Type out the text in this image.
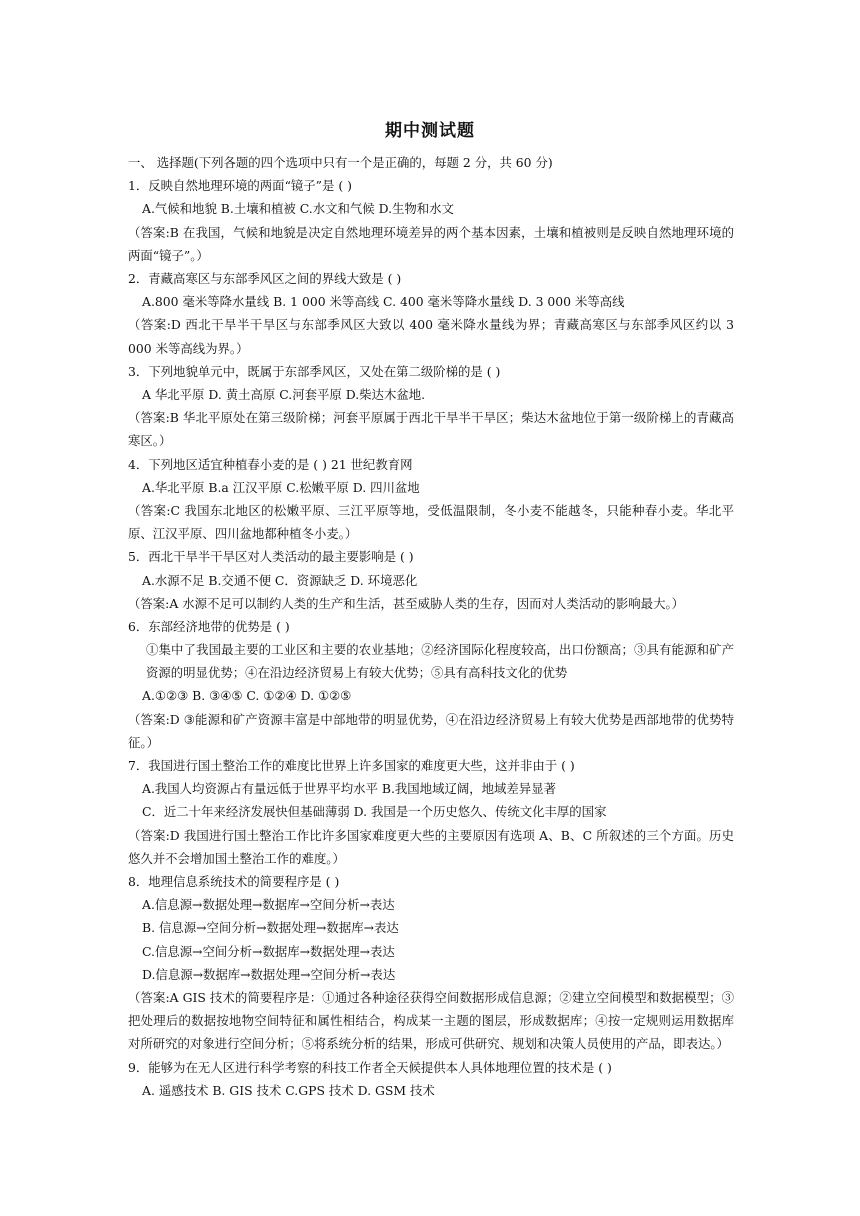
期中测试题
一、 选择题(下列各题的四个选项中只有一个是正确的，每题 2 分，共 60 分)
1．反映自然地理环境的两面“镜子”是 ( )
A.气候和地貌 B.土壤和植被 C.水文和气候 D.生物和水文
（答案:B 在我国，气候和地貌是决定自然地理环境差异的两个基本因素，土壤和植被则是反映自然地理环境的两面“镜子”。）
2．青藏高寒区与东部季风区之间的界线大致是 ( )
A.800 毫米等降水量线 B. 1 000 米等高线 C. 400 毫米等降水量线 D. 3 000 米等高线
（答案:D 西北干旱半干旱区与东部季风区大致以 400 毫米降水量线为界；青藏高寒区与东部季风区约以 3 000 米等高线为界。）
3．下列地貌单元中，既属于东部季风区，又处在第二级阶梯的是 ( )
A 华北平原 D. 黄土高原 C.河套平原 D.柴达木盆地.
（答案:B 华北平原处在第三级阶梯；河套平原属于西北干旱半干旱区；柴达木盆地位于第一级阶梯上的青藏高寒区。）
4．下列地区适宜种植春小麦的是 ( ) 21 世纪教育网
A.华北平原 B.a 江汉平原 C.松嫩平原 D. 四川盆地
（答案:C 我国东北地区的松嫩平原、三江平原等地，受低温限制，冬小麦不能越冬，只能种春小麦。华北平原、江汉平原、四川盆地都种植冬小麦。）
5．西北干旱半干旱区对人类活动的最主要影响是 ( )
A.水源不足 B.交通不便 C．资源缺乏 D. 环境恶化
（答案:A 水源不足可以制约人类的生产和生活，甚至威胁人类的生存，因而对人类活动的影响最大。）
6．东部经济地带的优势是 ( )
①集中了我国最主要的工业区和主要的农业基地；②经济国际化程度较高，出口份额高；③具有能源和矿产资源的明显优势；④在沿边经济贸易上有较大优势；⑤具有高科技文化的优势
A.①②③ B. ③④⑤ C. ①②④ D. ①②⑤
（答案:D ③能源和矿产资源丰富是中部地带的明显优势，④在沿边经济贸易上有较大优势是西部地带的优势特征。）
7．我国进行国土整治工作的难度比世界上许多国家的难度更大些，这并非由于 ( )
A.我国人均资源占有量远低于世界平均水平 B.我国地域辽阔，地域差异显著
C．近二十年来经济发展快但基础薄弱 D. 我国是一个历史悠久、传统文化丰厚的国家
（答案:D 我国进行国土整治工作比许多国家难度更大些的主要原因有选项 A、B、C 所叙述的三个方面。历史悠久并不会增加国土整治工作的难度。）
8．地理信息系统技术的简要程序是 ( )
A.信息源→数据处理→数据库→空间分析→表达
B. 信息源→空间分析→数据处理→数据库→表达
C.信息源→空间分析→数据库→数据处理→表达
D.信息源→数据库→数据处理→空间分析→表达
（答案:A GIS 技术的简要程序是：①通过各种途径获得空间数据形成信息源；②建立空间模型和数据模型；③把处理后的数据按地物空间特征和属性相结合，构成某一主题的图层，形成数据库；④按一定规则运用数据库对所研究的对象进行空间分析；⑤将系统分析的结果，形成可供研究、规划和决策人员使用的产品，即表达。）
9．能够为在无人区进行科学考察的科技工作者全天候提供本人具体地理位置的技术是 ( )
A. 遥感技术 B. GIS 技术 C.GPS 技术 D. GSM 技术
